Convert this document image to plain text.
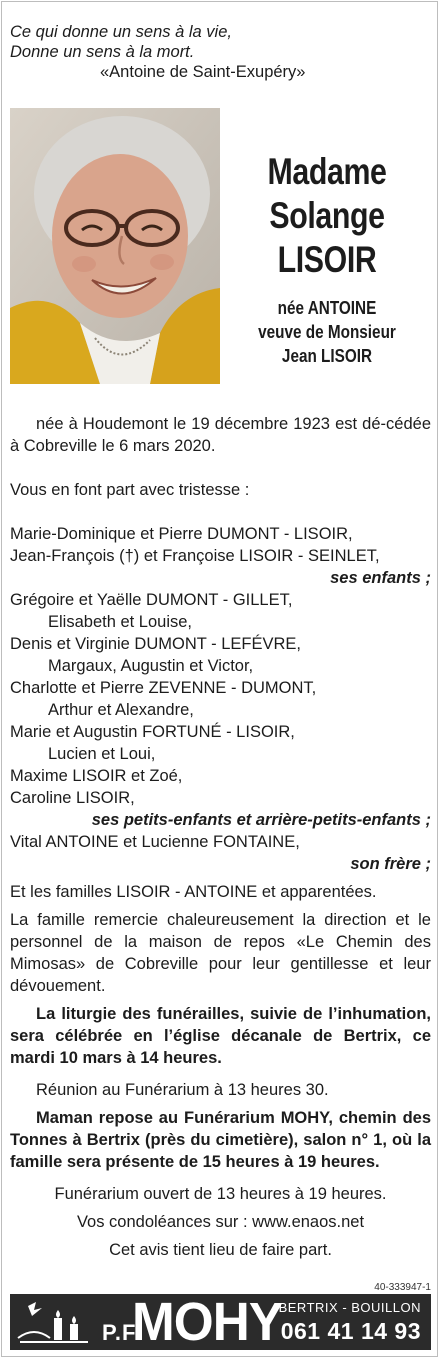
Ce qui donne un sens à la vie,
Donne un sens à la mort.

«Antoine de Saint-Exupéry»
Madame
Solange
LISOIR
née ANTOINE
veuve de Monsieur
Jean LISOIR

née à Houdemont le 19 décembre 1923 est dé-cédée à Cobreville le 6 mars 2020.

Vous en font part avec tristesse :

Marie-Dominique et Pierre DUMONT - LISOIR,

Jean-François (†) et Françoise LISOIR - SEINLET,

ses enfants ;

Grégoire et Yaëlle DUMONT - GILLET,

Elisabeth et Louise,

Denis et Virginie DUMONT - LEFÉVRE,

Margaux, Augustin et Victor,

Charlotte et Pierre ZEVENNE - DUMONT,

Arthur et Alexandre,

Marie et Augustin FORTUNÉ - LISOIR,

Lucien et Loui,

Maxime LISOIR et Zoé,

Caroline LISOIR,

ses petits-enfants et arrière-petits-enfants ;

Vital ANTOINE et Lucienne FONTAINE,

son frère ;

Et les familles LISOIR - ANTOINE et apparentées.

La famille remercie chaleureusement la direction et le personnel de la maison de repos «Le Chemin des Mimosas» de Cobreville pour leur gentillesse et leur dévouement.

La liturgie des funérailles, suivie de l’inhumation, sera célébrée en l’église décanale de Bertrix, ce mardi 10 mars à 14 heures.

Réunion au Funérarium à 13 heures 30.

Maman repose au Funérarium MOHY, chemin des Tonnes à Bertrix (près du cimetière), salon n° 1, où la famille sera présente de 15 heures à 19 heures.

Funérarium ouvert de 13 heures à 19 heures.

Vos condoléances sur : www.enaos.net

Cet avis tient lieu de faire part.

40-333947-1
P.F.
MOHY
BERTRIX - BOUILLON
061 41 14 93
